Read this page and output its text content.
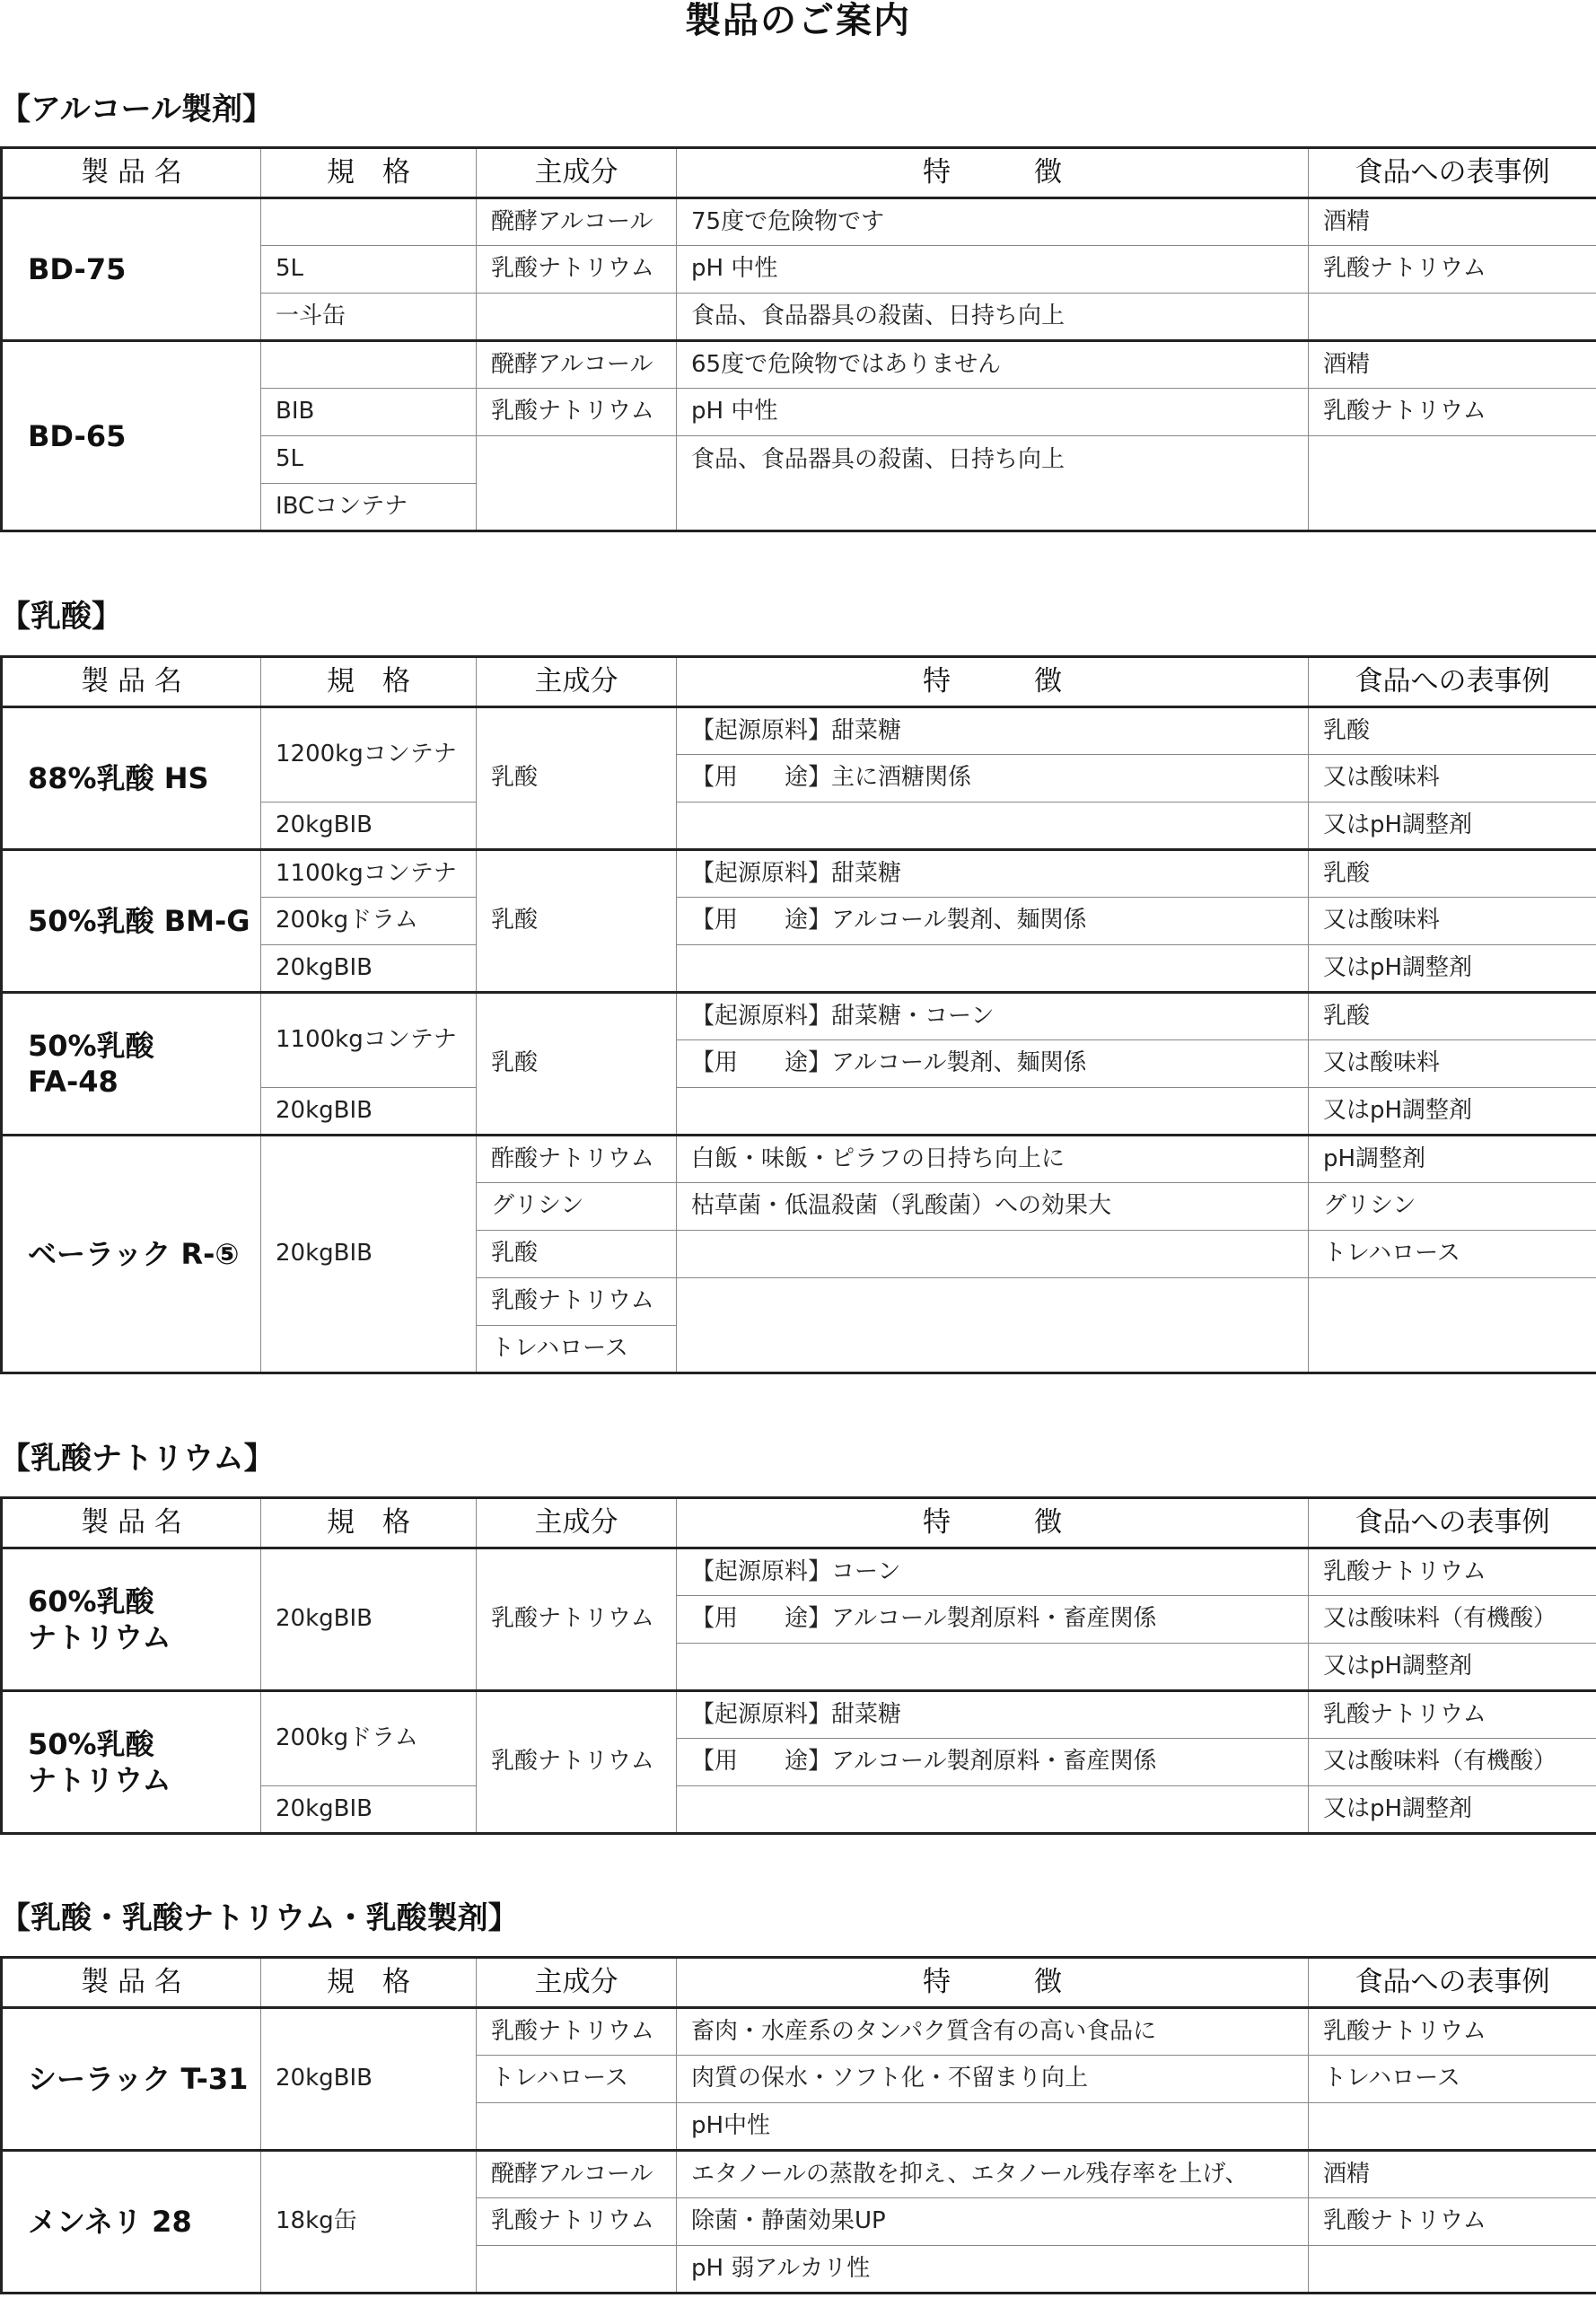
製品のご案内
【アルコール製剤】
製 品 名	規　格	主成分	特　　　徴	食品への表事例
BD-75		醗酵アルコール	75度で危険物です	酒精
	5L	乳酸ナトリウム	pH 中性	乳酸ナトリウム
	一斗缶		食品、食品器具の殺菌、日持ち向上	
BD-65		醗酵アルコール	65度で危険物ではありません	酒精
	BIB	乳酸ナトリウム	pH 中性	乳酸ナトリウム
	5L		食品、食品器具の殺菌、日持ち向上	
	IBCコンテナ			
【乳酸】
製 品 名	規　格	主成分	特　　　徴	食品への表事例
88%乳酸 HS	1200kgコンテナ	乳酸	【起源原料】甜菜糖	乳酸
			【用　　途】主に酒糖関係	又は酸味料
	20kgBIB			又はpH調整剤
50%乳酸 BM-G	1100kgコンテナ	乳酸	【起源原料】甜菜糖	乳酸
	200kgドラム		【用　　途】アルコール製剤、麺関係	又は酸味料
	20kgBIB			又はpH調整剤
50%乳酸
FA-48	1100kgコンテナ	乳酸	【起源原料】甜菜糖・コーン	乳酸
			【用　　途】アルコール製剤、麺関係	又は酸味料
	20kgBIB			又はpH調整剤
ベーラック R-⑤	20kgBIB	酢酸ナトリウム	白飯・味飯・ピラフの日持ち向上に	pH調整剤
		グリシン	枯草菌・低温殺菌（乳酸菌）への効果大	グリシン
		乳酸		トレハロース
		乳酸ナトリウム		
		トレハロース		
【乳酸ナトリウム】
製 品 名	規　格	主成分	特　　　徴	食品への表事例
60%乳酸
ナトリウム	20kgBIB	乳酸ナトリウム	【起源原料】コーン	乳酸ナトリウム
			【用　　途】アルコール製剤原料・畜産関係	又は酸味料（有機酸）
				又はpH調整剤
50%乳酸
ナトリウム	200kgドラム	乳酸ナトリウム	【起源原料】甜菜糖	乳酸ナトリウム
			【用　　途】アルコール製剤原料・畜産関係	又は酸味料（有機酸）
	20kgBIB			又はpH調整剤
【乳酸・乳酸ナトリウム・乳酸製剤】
製 品 名	規　格	主成分	特　　　徴	食品への表事例
シーラック T-31	20kgBIB	乳酸ナトリウム	畜肉・水産系のタンパク質含有の高い食品に	乳酸ナトリウム
		トレハロース	肉質の保水・ソフト化・不留まり向上	トレハロース
			pH中性	
メンネリ 28	18kg缶	醗酵アルコール	エタノールの蒸散を抑え、エタノール残存率を上げ、	酒精
		乳酸ナトリウム	除菌・静菌効果UP	乳酸ナトリウム
			pH 弱アルカリ性	
